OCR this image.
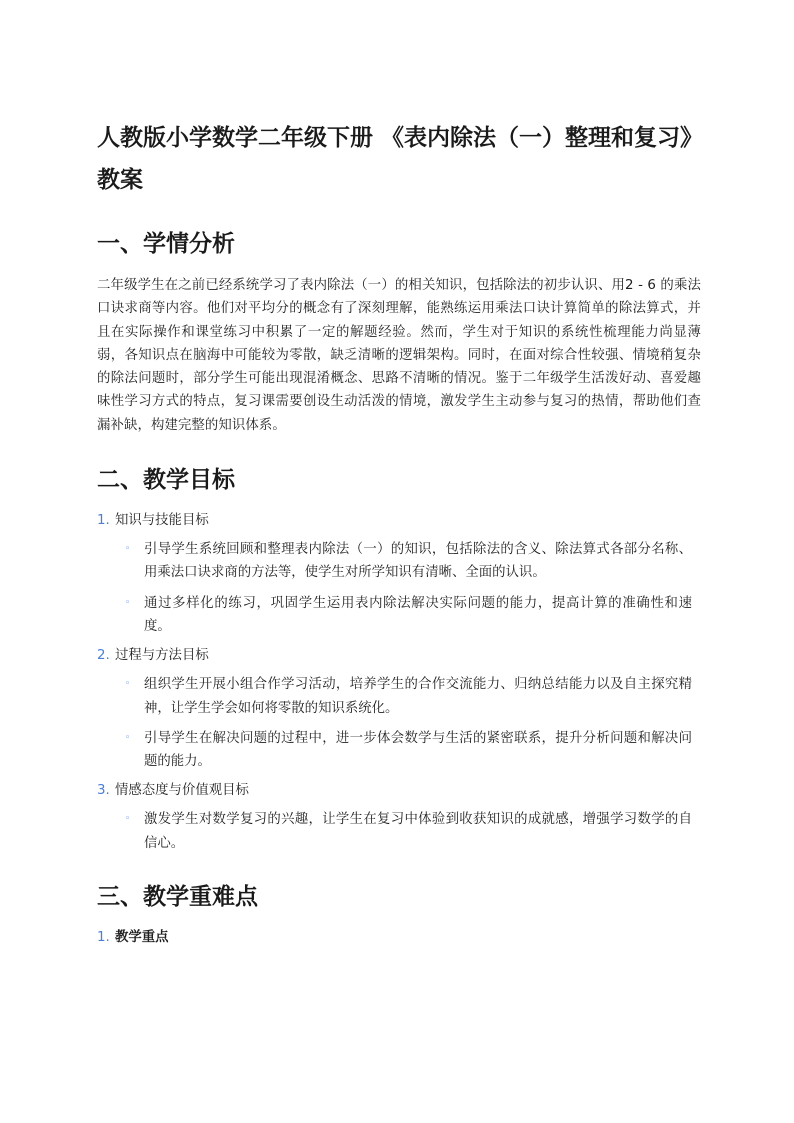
人教版小学数学二年级下册 《表内除法（一）整理和复习》教案
一、学情分析

二年级学生在之前已经系统学习了表内除法（一）的相关知识，包括除法的初步认识、用2 - 6 的乘法口诀求商等内容。他们对平均分的概念有了深刻理解，能熟练运用乘法口诀计算简单的除法算式，并且在实际操作和课堂练习中积累了一定的解题经验。然而，学生对于知识的系统性梳理能力尚显薄弱，各知识点在脑海中可能较为零散，缺乏清晰的逻辑架构。同时，在面对综合性较强、情境稍复杂的除法问题时，部分学生可能出现混淆概念、思路不清晰的情况。鉴于二年级学生活泼好动、喜爱趣味性学习方式的特点，复习课需要创设生动活泼的情境，激发学生主动参与复习的热情，帮助他们查漏补缺，构建完整的知识体系。

二、教学目标
1. 知识与技能目标
◦	引导学生系统回顾和整理表内除法（一）的知识，包括除法的含义、除法算式各部分名称、用乘法口诀求商的方法等，使学生对所学知识有清晰、全面的认识。
◦	通过多样化的练习，巩固学生运用表内除法解决实际问题的能力，提高计算的准确性和速度。
2. 过程与方法目标
◦	组织学生开展小组合作学习活动，培养学生的合作交流能力、归纳总结能力以及自主探究精神，让学生学会如何将零散的知识系统化。
◦	引导学生在解决问题的过程中，进一步体会数学与生活的紧密联系，提升分析问题和解决问题的能力。
3. 情感态度与价值观目标
◦	激发学生对数学复习的兴趣，让学生在复习中体验到收获知识的成就感，增强学习数学的自信心。
三、教学重难点
1. 教学重点
